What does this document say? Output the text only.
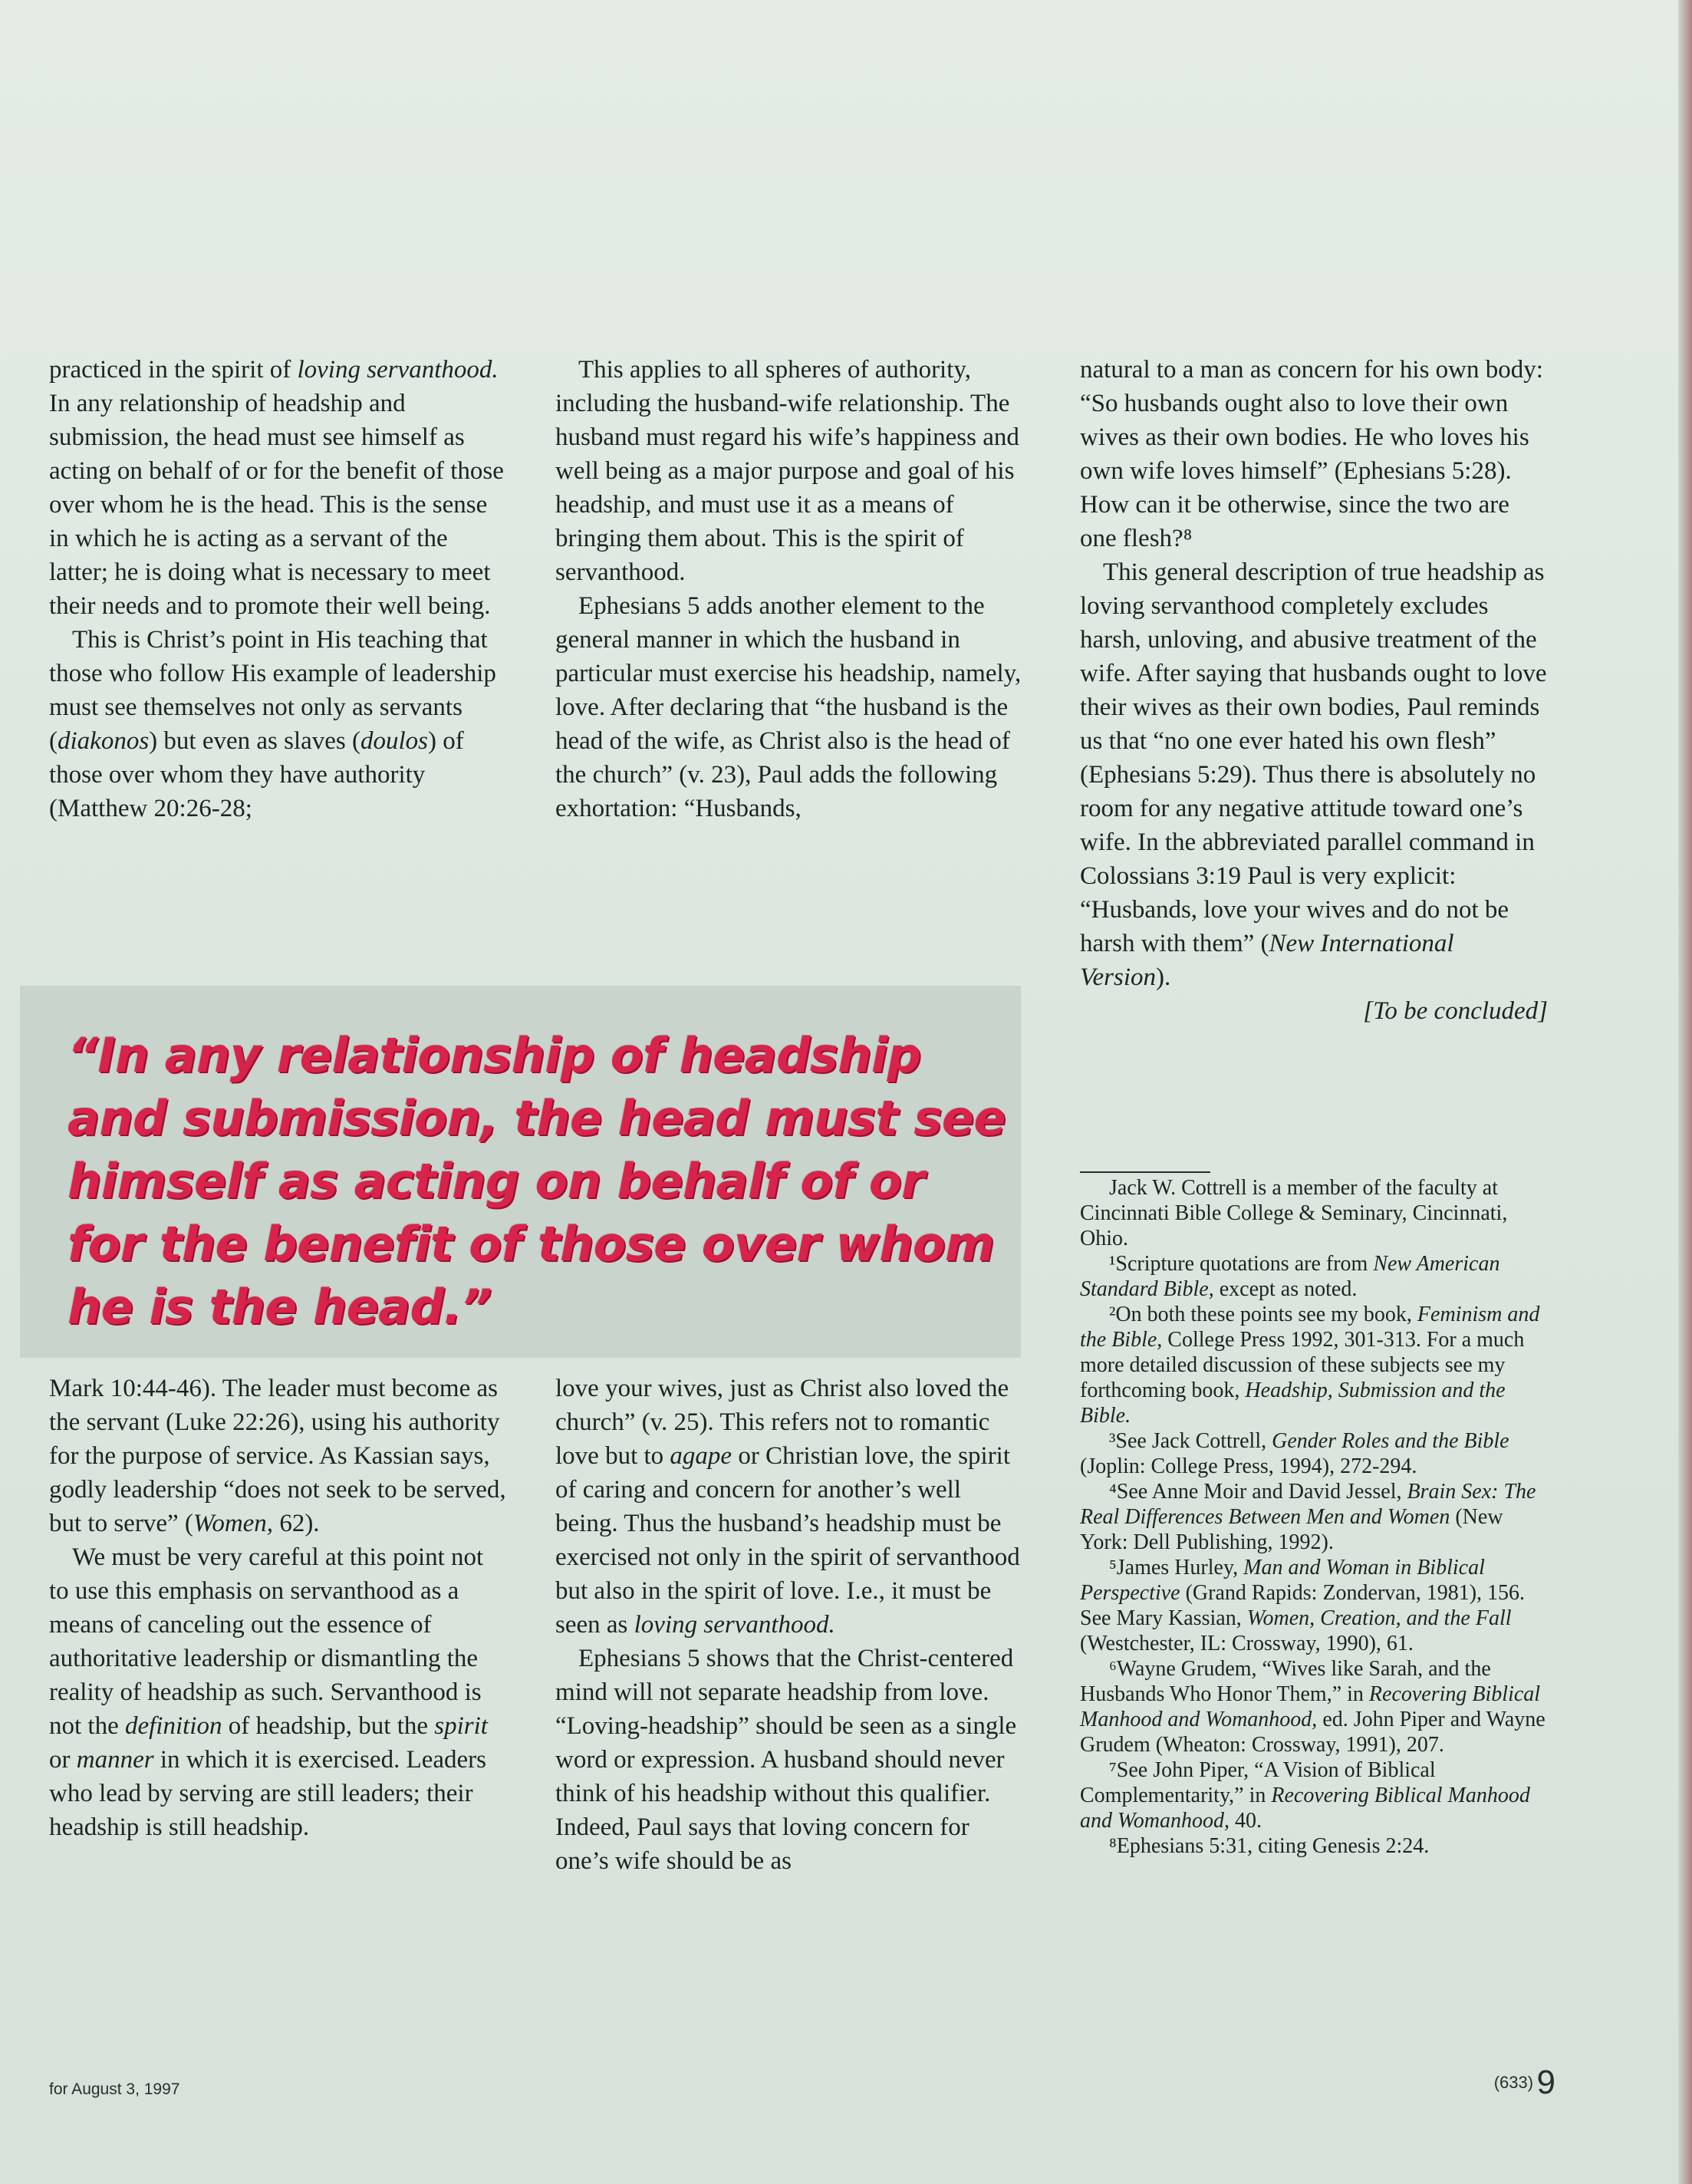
practiced in the spirit of loving servanthood. In any relationship of headship and submission, the head must see himself as acting on behalf of or for the benefit of those over whom he is the head. This is the sense in which he is acting as a servant of the latter; he is doing what is necessary to meet their needs and to promote their well being.

This is Christ’s point in His teaching that those who follow His example of leadership must see themselves not only as servants (diakonos) but even as slaves (doulos) of those over whom they have authority (Matthew 20:26-28;

This applies to all spheres of authority, including the husband-wife relationship. The husband must regard his wife’s happiness and well being as a major purpose and goal of his headship, and must use it as a means of bringing them about. This is the spirit of servanthood.

Ephesians 5 adds another element to the general manner in which the husband in particular must exercise his headship, namely, love. After declaring that “the husband is the head of the wife, as Christ also is the head of the church” (v. 23), Paul adds the following exhortation: “Husbands,

“In any relationship of headship and submission, the head must see himself as acting on behalf of or for the benefit of those over whom he is the head.”

Mark 10:44-46). The leader must become as the servant (Luke 22:26), using his authority for the purpose of service. As Kassian says, godly leadership “does not seek to be served, but to serve” (Women, 62).

We must be very careful at this point not to use this emphasis on servanthood as a means of canceling out the essence of authoritative leadership or dismantling the reality of headship as such. Servanthood is not the definition of headship, but the spirit or manner in which it is exercised. Leaders who lead by serving are still leaders; their headship is still headship.

love your wives, just as Christ also loved the church” (v. 25). This refers not to romantic love but to agape or Christian love, the spirit of caring and concern for another’s well being. Thus the husband’s headship must be exercised not only in the spirit of servanthood but also in the spirit of love. I.e., it must be seen as loving servanthood.

Ephesians 5 shows that the Christ-centered mind will not separate headship from love. “Loving-headship” should be seen as a single word or expression. A husband should never think of his headship without this qualifier. Indeed, Paul says that loving concern for one’s wife should be as

natural to a man as concern for his own body: “So husbands ought also to love their own wives as their own bodies. He who loves his own wife loves himself” (Ephesians 5:28). How can it be otherwise, since the two are one flesh?⁸

This general description of true headship as loving servanthood completely excludes harsh, unloving, and abusive treatment of the wife. After saying that husbands ought to love their wives as their own bodies, Paul reminds us that “no one ever hated his own flesh” (Ephesians 5:29). Thus there is absolutely no room for any negative attitude toward one’s wife. In the abbreviated parallel command in Colossians 3:19 Paul is very explicit: “Husbands, love your wives and do not be harsh with them” (New International Version).

[To be concluded]

Jack W. Cottrell is a member of the faculty at Cincinnati Bible College & Seminary, Cincinnati, Ohio.

¹Scripture quotations are from New American Standard Bible, except as noted.

²On both these points see my book, Feminism and the Bible, College Press 1992, 301-313. For a much more detailed discussion of these subjects see my forthcoming book, Headship, Submission and the Bible.

³See Jack Cottrell, Gender Roles and the Bible (Joplin: College Press, 1994), 272-294.

⁴See Anne Moir and David Jessel, Brain Sex: The Real Differences Between Men and Women (New York: Dell Publishing, 1992).

⁵James Hurley, Man and Woman in Biblical Perspective (Grand Rapids: Zondervan, 1981), 156. See Mary Kassian, Women, Creation, and the Fall (Westchester, IL: Crossway, 1990), 61.

⁶Wayne Grudem, “Wives like Sarah, and the Husbands Who Honor Them,” in Recovering Biblical Manhood and Womanhood, ed. John Piper and Wayne Grudem (Wheaton: Crossway, 1991), 207.

⁷See John Piper, “A Vision of Biblical Complementarity,” in Recovering Biblical Manhood and Womanhood, 40.

⁸Ephesians 5:31, citing Genesis 2:24.

for August 3, 1997	(633) 9
